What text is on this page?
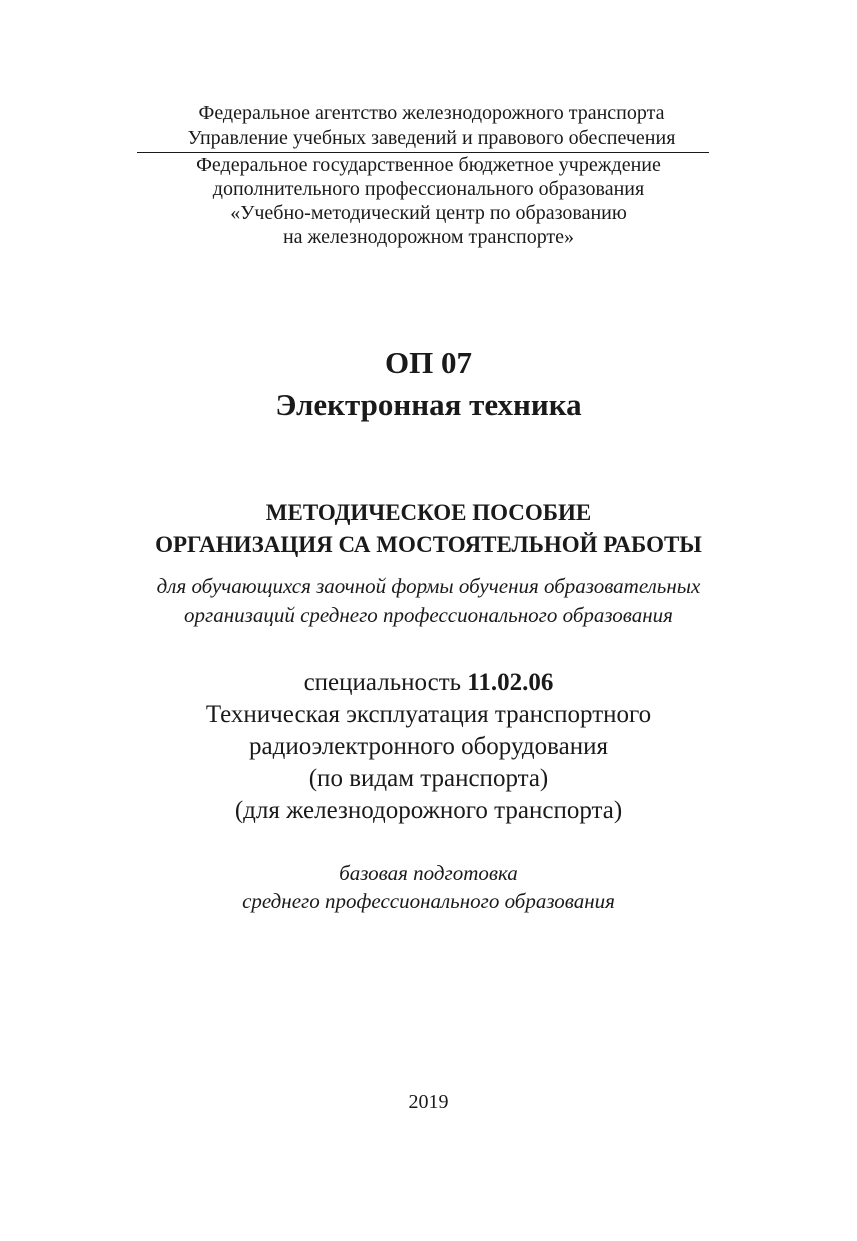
Федеральное агентство железнодорожного транспорта
Управление учебных заведений и правового обеспечения
Федеральное государственное бюджетное учреждение
дополнительного профессионального образования
«Учебно-методический центр по образованию
на железнодорожном транспорте»
ОП 07
Электронная техника
МЕТОДИЧЕСКОЕ ПОСОБИЕ
ОРГАНИЗАЦИЯ СА МОСТОЯТЕЛЬНОЙ РАБОТЫ
для обучающихся заочной формы обучения образовательных
организаций среднего профессионального образования
специальность 11.02.06
Техническая эксплуатация транспортного
радиоэлектронного оборудования
(по видам транспорта)
(для железнодорожного транспорта)
базовая подготовка
среднего профессионального образования
2019
